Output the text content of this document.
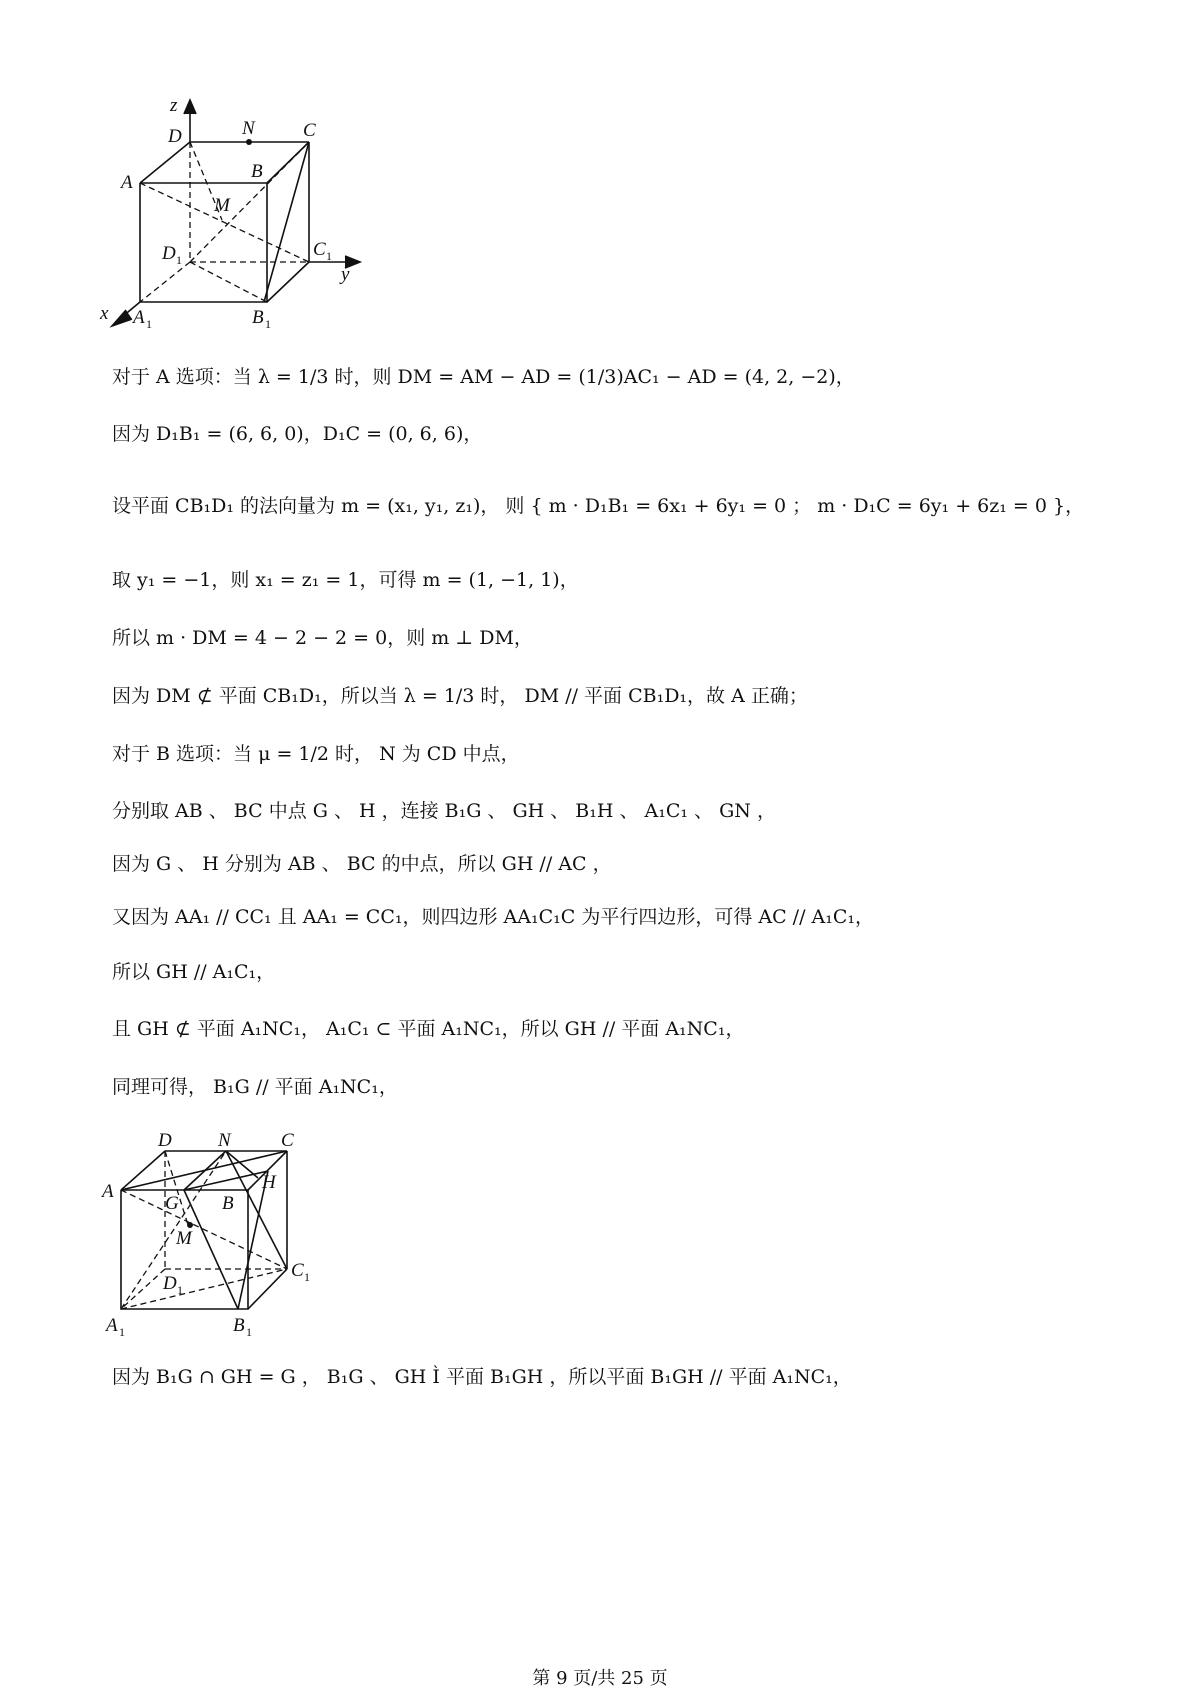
z
D	N	C
A
B
M
D 1	C 1
y
x A 1	B 1
对于 A 选项：当 λ = 1/3 时，则 DM = AM − AD = (1/3)AC₁ − AD = (4, 2, −2)，
因为 D₁B₁ = (6, 6, 0)，D₁C = (0, 6, 6)，
设平面 CB₁D₁ 的法向量为 m = (x₁, y₁, z₁)， 则 { m · D₁B₁ = 6x₁ + 6y₁ = 0 ； m · D₁C = 6y₁ + 6z₁ = 0 }，
取 y₁ = −1，则 x₁ = z₁ = 1，可得 m = (1, −1, 1)，
所以 m · DM = 4 − 2 − 2 = 0，则 m ⊥ DM，
因为 DM ⊄ 平面 CB₁D₁，所以当 λ = 1/3 时， DM // 平面 CB₁D₁，故 A 正确；
对于 B 选项：当 μ = 1/2 时， N 为 CD 中点，
分别取 AB 、 BC 中点 G 、 H ，连接 B₁G 、 GH 、 B₁H 、 A₁C₁ 、 GN ，
因为 G 、 H 分别为 AB 、 BC 的中点，所以 GH // AC ，
又因为 AA₁ // CC₁ 且 AA₁ = CC₁，则四边形 AA₁C₁C 为平行四边形，可得 AC // A₁C₁，
所以 GH // A₁C₁，
且 GH ⊄ 平面 A₁NC₁， A₁C₁ ⊂ 平面 A₁NC₁，所以 GH // 平面 A₁NC₁，
同理可得， B₁G // 平面 A₁NC₁，
D N	C
A
G B
H
M
D 1
C 1
A 1	B 1
因为 B₁G ∩ GH = G ， B₁G 、 GH Ì 平面 B₁GH ，所以平面 B₁GH // 平面 A₁NC₁，
第 9 页/共 25 页
